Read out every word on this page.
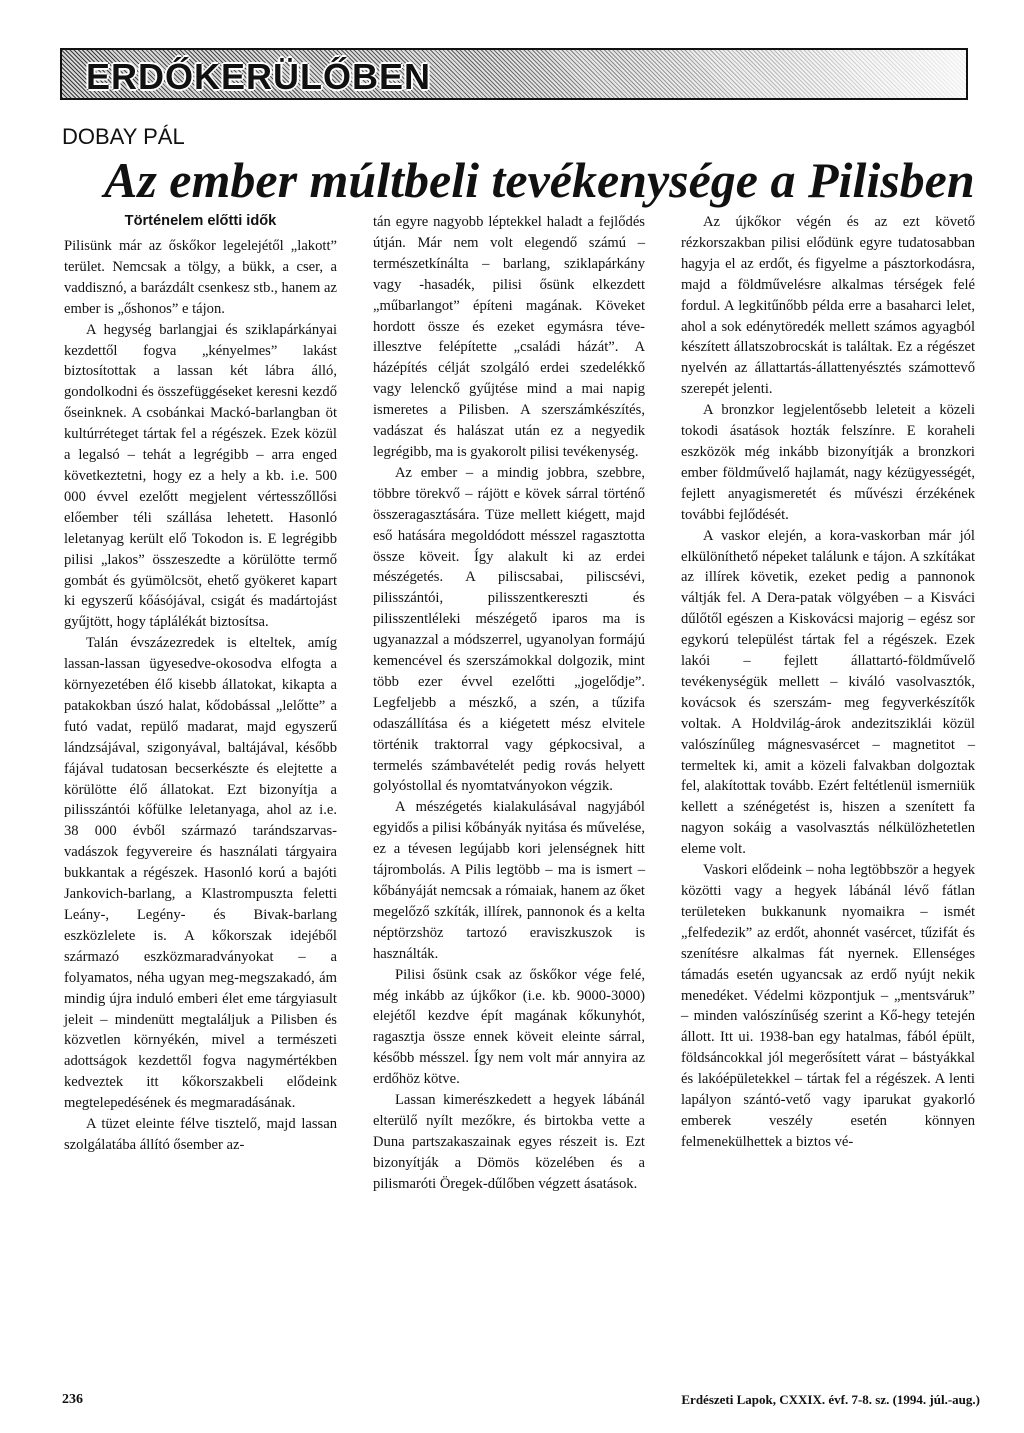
ERDŐKERÜLŐBEN
DOBAY PÁL
Az ember múltbeli tevékenysége a Pilisben
Történelem előtti idők

Pilisünk már az őskőkor legelejétől „lakott” terület. Nemcsak a tölgy, a bükk, a cser, a vaddisznó, a barázdált csenkesz stb., hanem az ember is „őshonos” e tájon.

A hegység barlangjai és sziklapárkányai kezdettől fogva „kényelmes” lakást biztosítottak a lassan két lábra álló, gondolkodni és összefüggéseket keresni kezdő őseinknek. A csobánkai Mackó-barlangban öt kultúrréteget tártak fel a régészek. Ezek közül a legalsó – tehát a legrégibb – arra enged következtetni, hogy ez a hely a kb. i.e. 500 000 évvel ezelőtt megjelent vértesszőllősi előember téli szállása lehetett. Hasonló leletanyag került elő Tokodon is. E legrégibb pilisi „lakos” összeszedte a körülötte termő gombát és gyümölcsöt, ehető gyökeret kapart ki egyszerű kőásójával, csigát és madártojást gyűjtött, hogy táplálékát biztosítsa.

Talán évszázezredek is elteltek, amíg lassan-lassan ügyesedve-okosodva elfogta a környezetében élő kisebb állatokat, kikapta a patakokban úszó halat, kődobással „lelőtte” a futó vadat, repülő madarat, majd egyszerű lándzsájával, szigonyával, baltájával, később fájával tudatosan becserkészte és elejtette a körülötte élő állatokat. Ezt bizonyítja a pilisszántói kőfülke leletanyaga, ahol az i.e. 38 000 évből származó tarándszarvas-vadászok fegyvereire és használati tárgyaira bukkantak a régészek. Hasonló korú a bajóti Jankovich-barlang, a Klastrompuszta feletti Leány-, Legény- és Bivak-barlang eszközlelete is. A kőkorszak idejéből származó eszközmaradványokat – a folyamatos, néha ugyan meg-megszakadó, ám mindig újra induló emberi élet eme tárgyiasult jeleit – mindenütt megtaláljuk a Pilisben és közvetlen környékén, mivel a természeti adottságok kezdettől fogva nagymértékben kedveztek itt kőkorszakbeli elődeink megtelepedésének és megmaradásának.

A tüzet eleinte félve tisztelő, majd lassan szolgálatába állító ősember az-

tán egyre nagyobb léptekkel haladt a fejlődés útján. Már nem volt elegendő számú – természetkínálta – barlang, sziklapárkány vagy -hasadék, pilisi ősünk elkezdett „műbarlangot” építeni magának. Köveket hordott össze és ezeket egymásra téve-illesztve felépítette „családi házát”. A házépítés célját szolgáló erdei szedelékkő vagy lelenckő gyűjtése mind a mai napig ismeretes a Pilisben. A szerszámkészítés, vadászat és halászat után ez a negyedik legrégibb, ma is gyakorolt pilisi tevékenység.

Az ember – a mindig jobbra, szebbre, többre törekvő – rájött e kövek sárral történő összeragasztására. Tüze mellett kiégett, majd eső hatására megoldódott mésszel ragasztotta össze köveit. Így alakult ki az erdei mészégetés. A piliscsabai, piliscsévi, pilisszántói, pilisszentkereszti és pilisszentléleki mészégető iparos ma is ugyanazzal a módszerrel, ugyanolyan formájú kemencével és szerszámokkal dolgozik, mint több ezer évvel ezelőtti „jogelődje”. Legfeljebb a mészkő, a szén, a tűzifa odaszállítása és a kiégetett mész elvitele történik traktorral vagy gépkocsival, a termelés számbavételét pedig rovás helyett golyóstollal és nyomtatványokon végzik.

A mészégetés kialakulásával nagyjából egyidős a pilisi kőbányák nyitása és művelése, ez a tévesen legújabb kori jelenségnek hitt tájrombolás. A Pilis legtöbb – ma is ismert – kőbányáját nemcsak a rómaiak, hanem az őket megelőző szkíták, illírek, pannonok és a kelta néptörzshöz tartozó eraviszkuszok is használták.

Pilisi ősünk csak az őskőkor vége felé, még inkább az újkőkor (i.e. kb. 9000-3000) elejétől kezdve épít magának kőkunyhót, ragasztja össze ennek köveit eleinte sárral, később mésszel. Így nem volt már annyira az erdőhöz kötve.

Lassan kimerészkedett a hegyek lábánál elterülő nyílt mezőkre, és birtokba vette a Duna partszakaszainak egyes részeit is. Ezt bizonyítják a Dömös közelében és a pilismaróti Öregek-dűlőben végzett ásatások.

Az újkőkor végén és az ezt követő rézkorszakban pilisi elődünk egyre tudatosabban hagyja el az erdőt, és figyelme a pásztorkodásra, majd a földművelésre alkalmas térségek felé fordul. A legkitűnőbb példa erre a basaharci lelet, ahol a sok edénytöredék mellett számos agyagból készített állatszobrocskát is találtak. Ez a régészet nyelvén az állattartás-állattenyésztés számottevő szerepét jelenti.

A bronzkor legjelentősebb leleteit a közeli tokodi ásatások hozták felszínre. E koraheli eszközök még inkább bizonyítják a bronzkori ember földművelő hajlamát, nagy kézügyességét, fejlett anyagismeretét és művészi érzékének további fejlődését.

A vaskor elején, a kora-vaskorban már jól elkülöníthető népeket találunk e tájon. A szkítákat az illírek követik, ezeket pedig a pannonok váltják fel. A Dera-patak völgyében – a Kisváci dűlőtől egészen a Kiskovácsi majorig – egész sor egykorú települést tártak fel a régészek. Ezek lakói – fejlett állattartó-földművelő tevékenységük mellett – kiváló vasolvasztók, kovácsok és szerszám- meg fegyverkészítők voltak. A Holdvilág-árok andezitsziklái közül valószínűleg mágnesvasércet – magnetitot – termeltek ki, amit a közeli falvakban dolgoztak fel, alakítottak tovább. Ezért feltétlenül ismerniük kellett a szénégetést is, hiszen a szenített fa nagyon sokáig a vasolvasztás nélkülözhetetlen eleme volt.

Vaskori elődeink – noha legtöbbször a hegyek közötti vagy a hegyek lábánál lévő fátlan területeken bukkanunk nyomaikra – ismét „felfedezik” az erdőt, ahonnét vasércet, tűzifát és szenítésre alkalmas fát nyernek. Ellenséges támadás esetén ugyancsak az erdő nyújt nekik menedéket. Védelmi központjuk – „mentsváruk” – minden valószínűség szerint a Kő-hegy tetején állott. Itt ui. 1938-ban egy hatalmas, fából épült, földsáncokkal jól megerősített várat – bástyákkal és lakóépületekkel – tártak fel a régészek. A lenti lapályon szántó-vető vagy iparukat gyakorló emberek veszély esetén könnyen felmenekülhettek a biztos vé-

236	Erdészeti Lapok, CXXIX. évf. 7-8. sz. (1994. júl.-aug.)
